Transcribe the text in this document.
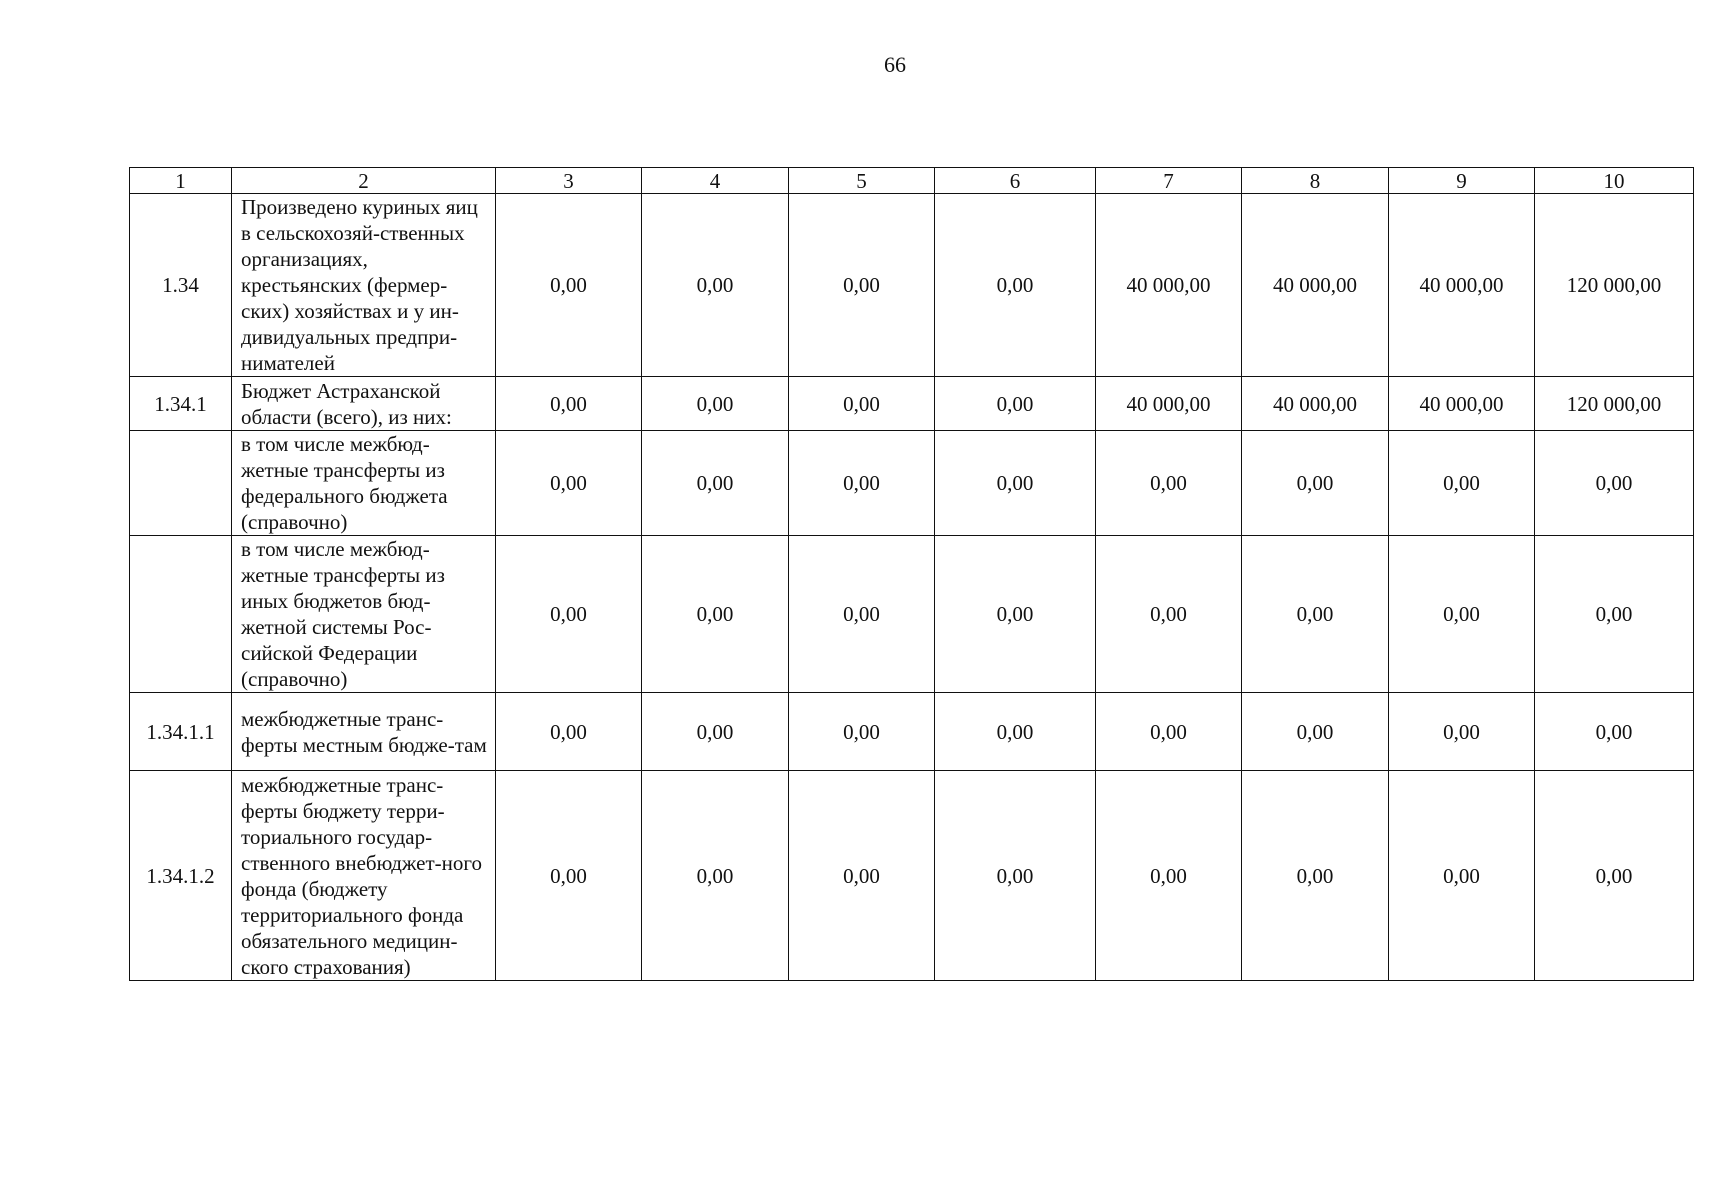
66
1	2	3	4	5	6	7	8	9	10
1.34	Произведено куриных яиц в сельскохозяй-ственных организациях, крестьянских (фермер-ских) хозяйствах и у ин-дивидуальных предпри-нимателей	0,00	0,00	0,00	0,00	40 000,00	40 000,00	40 000,00	120 000,00
1.34.1	Бюджет Астраханской области (всего), из них:	0,00	0,00	0,00	0,00	40 000,00	40 000,00	40 000,00	120 000,00
	в том числе межбюд-жетные трансферты из федерального бюджета (справочно)	0,00	0,00	0,00	0,00	0,00	0,00	0,00	0,00
	в том числе межбюд-жетные трансферты из иных бюджетов бюд-жетной системы Рос-сийской Федерации (справочно)	0,00	0,00	0,00	0,00	0,00	0,00	0,00	0,00
1.34.1.1	межбюджетные транс-ферты местным бюдже-там	0,00	0,00	0,00	0,00	0,00	0,00	0,00	0,00
1.34.1.2	межбюджетные транс-ферты бюджету терри-ториального государ-ственного внебюджет-ного фонда (бюджету территориального фонда обязательного медицин-ского страхования)	0,00	0,00	0,00	0,00	0,00	0,00	0,00	0,00
